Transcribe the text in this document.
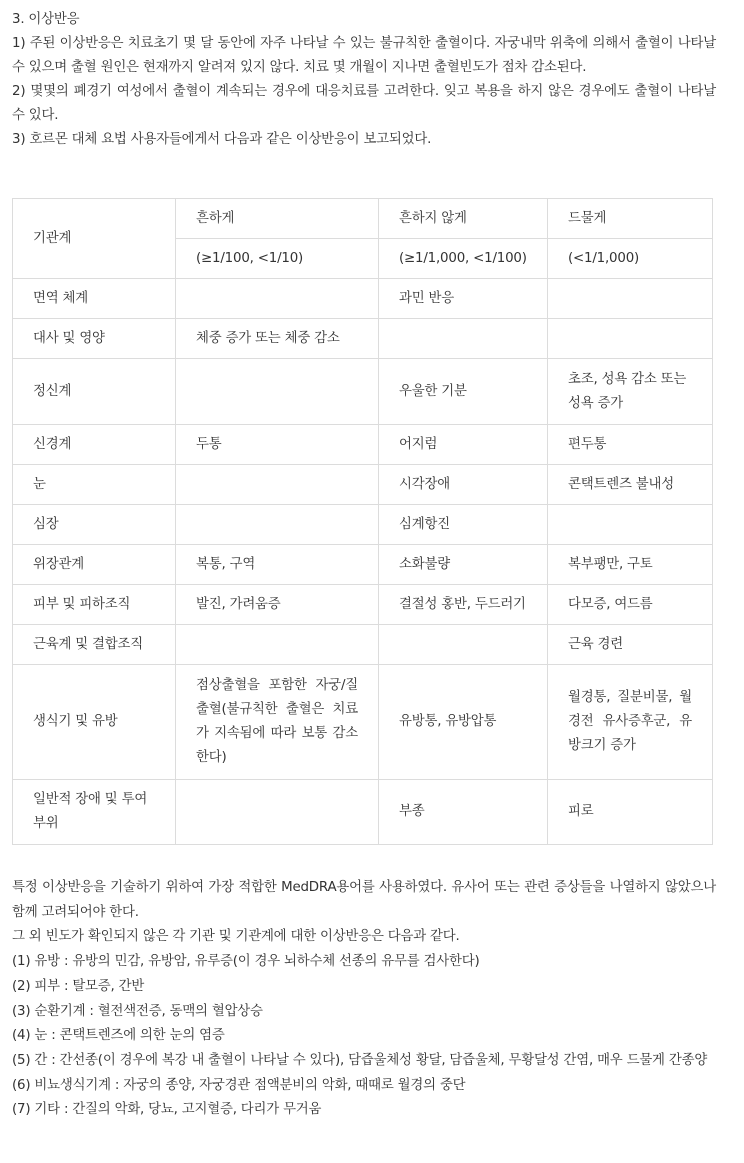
3. 이상반응

1) 주된 이상반응은 치료초기 몇 달 동안에 자주 나타날 수 있는 불규칙한 출혈이다. 자궁내막 위축에 의해서 출혈이 나타날 수 있으며 출혈 원인은 현재까지 알려져 있지 않다. 치료 몇 개월이 지나면 출혈빈도가 점차 감소된다.

2) 몇몇의 폐경기 여성에서 출혈이 계속되는 경우에 대응치료를 고려한다. 잊고 복용을 하지 않은 경우에도 출혈이 나타날 수 있다.

3) 호르몬 대체 요법 사용자들에게서 다음과 같은 이상반응이 보고되었다.

기관계	흔하게	흔하지 않게	드물게
	(≥1/100, <1/10)	(≥1/1,000, <1/100)	(<1/1,000)
면역 체계		과민 반응	
대사 및 영양	체중 증가 또는 체중 감소		
정신계		우울한 기분	초조, 성욕 감소 또는 성욕 증가
신경계	두통	어지럼	편두통
눈		시각장애	콘택트렌즈 불내성
심장		심계항진	
위장관계	복통, 구역	소화불량	복부팽만, 구토
피부 및 피하조직	발진, 가려움증	결절성 홍반, 두드러기	다모증, 여드름
근육계 및 결합조직			근육 경련
생식기 및 유방	점상출혈을 포함한 자궁/질출혈(불규칙한 출혈은 치료가 지속됨에 따라 보통 감소한다)	유방통, 유방압통	월경통, 질분비물, 월경전 유사증후군, 유방크기 증가
일반적 장애 및 투여부위		부종	피로

특정 이상반응을 기술하기 위하여 가장 적합한 MedDRA용어를 사용하였다. 유사어 또는 관련 증상들을 나열하지 않았으나 함께 고려되어야 한다.

그 외 빈도가 확인되지 않은 각 기관 및 기관계에 대한 이상반응은 다음과 같다.

(1) 유방 : 유방의 민감, 유방암, 유루증(이 경우 뇌하수체 선종의 유무를 검사한다)

(2) 피부 : 탈모증, 간반

(3) 순환기계 : 혈전색전증, 동맥의 혈압상승

(4) 눈 : 콘택트렌즈에 의한 눈의 염증

(5) 간 : 간선종(이 경우에 복강 내 출혈이 나타날 수 있다), 담즙울체성 황달, 담즙울체, 무황달성 간염, 매우 드물게 간종양

(6) 비뇨생식기계 : 자궁의 종양, 자궁경관 점액분비의 악화, 때때로 월경의 중단

(7) 기타 : 간질의 악화, 당뇨, 고지혈증, 다리가 무거움
